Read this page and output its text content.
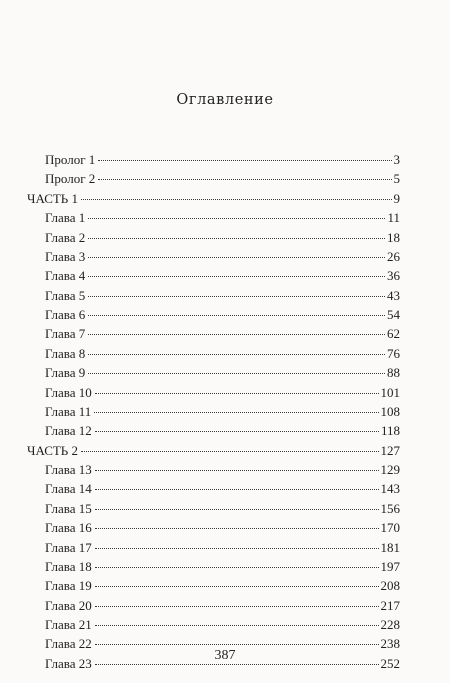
Оглавление
Пролог 1	3
Пролог 2	5
ЧАСТЬ 1	9
Глава 1	11
Глава 2	18
Глава 3	26
Глава 4	36
Глава 5	43
Глава 6	54
Глава 7	62
Глава 8	76
Глава 9	88
Глава 10	101
Глава 11	108
Глава 12	118
ЧАСТЬ 2	127
Глава 13	129
Глава 14	143
Глава 15	156
Глава 16	170
Глава 17	181
Глава 18	197
Глава 19	208
Глава 20	217
Глава 21	228
Глава 22	238
Глава 23	252
387
